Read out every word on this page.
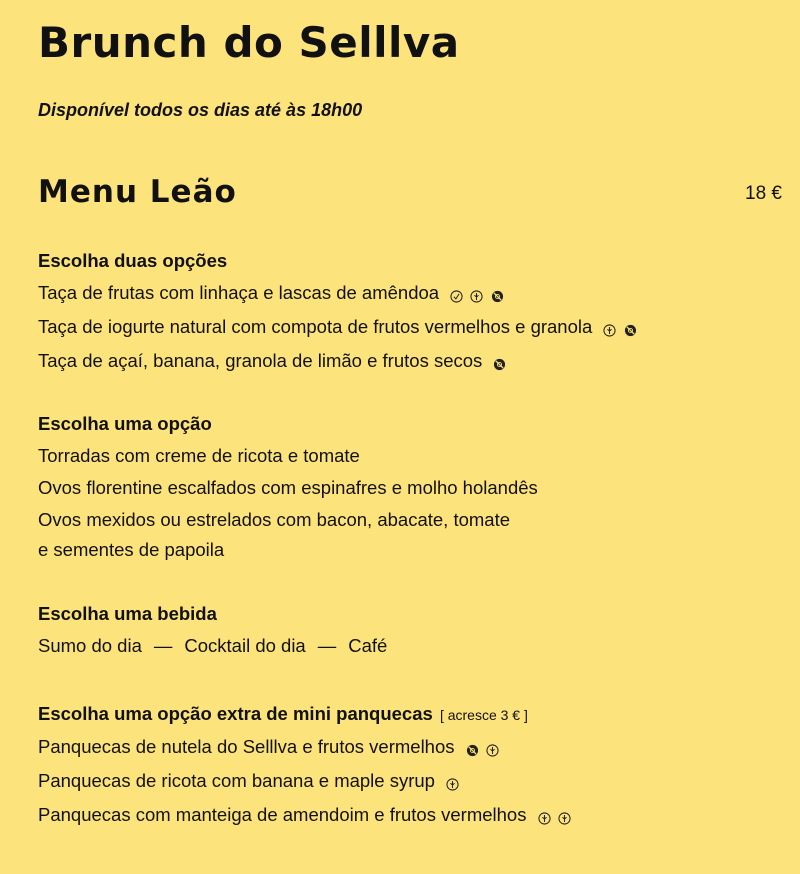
Brunch do Selllva

Disponível todos os dias até às 18h00

Menu Leão	18 €
Escolha duas opções
Taça de frutas com linhaça e lascas de amêndoa
Taça de iogurte natural com compota de frutos vermelhos e granola
Taça de açaí, banana, granola de limão e frutos secos
Escolha uma opção
Torradas com creme de ricota e tomate
Ovos florentine escalfados com espinafres e molho holandês
Ovos mexidos ou estrelados com bacon, abacate, tomate
e sementes de papoila
Escolha uma bebida
Sumo do dia — Cocktail do dia — Café
Escolha uma opção extra de mini panquecas [ acresce 3 € ]
Panquecas de nutela do Selllva e frutos vermelhos
Panquecas de ricota com banana e maple syrup
Panquecas com manteiga de amendoim e frutos vermelhos
